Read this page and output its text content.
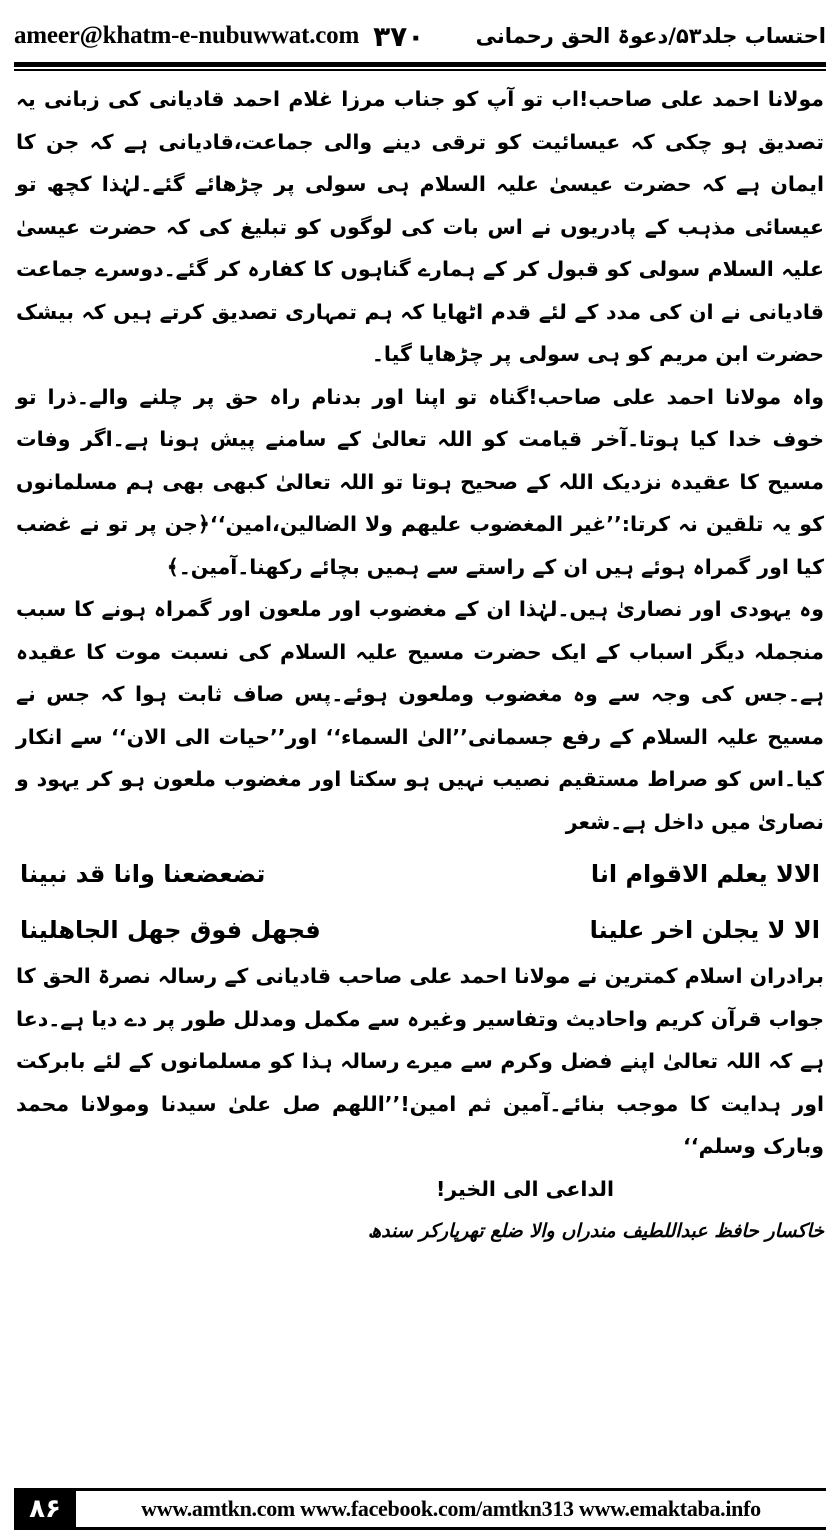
ameer@khatm-e-nubuwwat.com ۳۷۰ احتساب جلد۵۳/دعوۃ الحق رحمانی

مولانا احمد علی صاحب!اب تو آپ کو جناب مرزا غلام احمد قادیانی کی زبانی یہ تصدیق ہو چکی کہ عیسائیت کو ترقی دینے والی جماعت،قادیانی ہے کہ جن کا ایمان ہے کہ حضرت عیسیٰ علیہ السلام ہی سولی پر چڑھائے گئے۔لہٰذا کچھ تو عیسائی مذہب کے پادریوں نے اس بات کی لوگوں کو تبلیغ کی کہ حضرت عیسیٰ علیہ السلام سولی کو قبول کر کے ہمارے گناہوں کا کفارہ کر گئے۔دوسرے جماعت قادیانی نے ان کی مدد کے لئے قدم اٹھایا کہ ہم تمہاری تصدیق کرتے ہیں کہ بیشک حضرت ابن مریم کو ہی سولی پر چڑھایا گیا۔

واہ مولانا احمد علی صاحب!گناہ تو اپنا اور بدنام راہ حق پر چلنے والے۔ذرا تو خوف خدا کیا ہوتا۔آخر قیامت کو اللہ تعالیٰ کے سامنے پیش ہونا ہے۔اگر وفات مسیح کا عقیدہ نزدیک اللہ کے صحیح ہوتا تو اللہ تعالیٰ کبھی بھی ہم مسلمانوں کو یہ تلقین نہ کرتا:’’غیر المغضوب علیھم ولا الضالین،امین‘‘﴿جن پر تو نے غضب کیا اور گمراہ ہوئے ہیں ان کے راستے سے ہمیں بچائے رکھنا۔آمین۔﴾

وہ یہودی اور نصاریٰ ہیں۔لہٰذا ان کے مغضوب اور ملعون اور گمراہ ہونے کا سبب منجملہ دیگر اسباب کے ایک حضرت مسیح علیہ السلام کی نسبت موت کا عقیدہ ہے۔جس کی وجہ سے وہ مغضوب وملعون ہوئے۔پس صاف ثابت ہوا کہ جس نے مسیح علیہ السلام کے رفع جسمانی’’الیٰ السماء‘‘ اور’’حیات الی الان‘‘ سے انکار کیا۔اس کو صراط مستقیم نصیب نہیں ہو سکتا اور مغضوب ملعون ہو کر یہود و نصاریٰ میں داخل ہے۔شعر

الالا یعلم الاقوام انا
تضعضعنا وانا قد نبینا
الا لا یجلن اخر علینا
فجھل فوق جھل الجاھلینا

برادران اسلام کمترین نے مولانا احمد علی صاحب قادیانی کے رسالہ نصرۃ الحق کا جواب قرآن کریم واحادیث وتفاسیر وغیرہ سے مکمل ومدلل طور پر دے دیا ہے۔دعا ہے کہ اللہ تعالیٰ اپنے فضل وکرم سے میرے رسالہ ہذا کو مسلمانوں کے لئے بابرکت اور ہدایت کا موجب بنائے۔آمین ثم امین!’’اللھم صل علیٰ سیدنا ومولانا محمد وبارک وسلم‘‘

الداعی الی الخیر!

خاکسار حافظ عبداللطیف مندراں والا ضلع تھرپارکر سندھ

۸۶	www.amtkn.com www.facebook.com/amtkn313 www.emaktaba.info
